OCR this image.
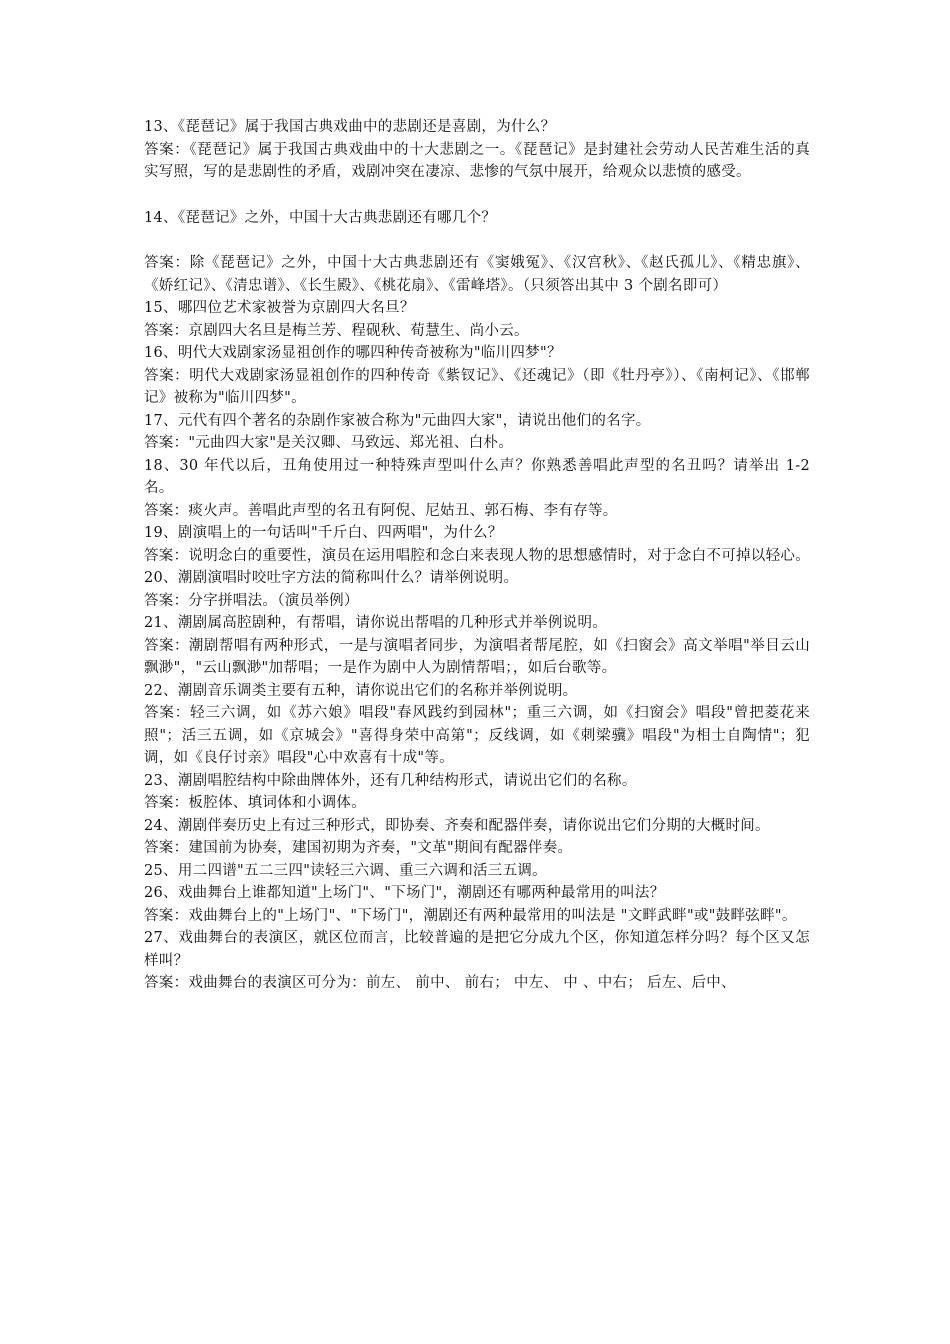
13、《琵琶记》属于我国古典戏曲中的悲剧还是喜剧，为什么？

答案：《琵琶记》属于我国古典戏曲中的十大悲剧之一。《琵琶记》是封建社会劳动人民苦难生活的真实写照，写的是悲剧性的矛盾，戏剧冲突在凄凉、悲惨的气氛中展开，给观众以悲愤的感受。

14、《琵琶记》之外，中国十大古典悲剧还有哪几个？

答案：除《琵琶记》之外，中国十大古典悲剧还有《窦娥冤》、《汉宫秋》、《赵氏孤儿》、《精忠旗》、《娇红记》、《清忠谱》、《长生殿》、《桃花扇》、《雷峰塔》。（只须答出其中 3 个剧名即可）

15、哪四位艺术家被誉为京剧四大名旦？

答案：京剧四大名旦是梅兰芳、程砚秋、荀慧生、尚小云。

16、明代大戏剧家汤显祖创作的哪四种传奇被称为"临川四梦"？

答案：明代大戏剧家汤显祖创作的四种传奇《紫钗记》、《还魂记》（即《牡丹亭》）、《南柯记》、《邯郸记》被称为"临川四梦"。

17、元代有四个著名的杂剧作家被合称为"元曲四大家"，请说出他们的名字。

答案："元曲四大家"是关汉卿、马致远、郑光祖、白朴。

18、30 年代以后，丑角使用过一种特殊声型叫什么声？你熟悉善唱此声型的名丑吗？请举出 1-2 名。

答案：痰火声。善唱此声型的名丑有阿倪、尼姑丑、郭石梅、李有存等。

19、剧演唱上的一句话叫"千斤白、四两唱"，为什么？

答案：说明念白的重要性，演员在运用唱腔和念白来表现人物的思想感情时，对于念白不可掉以轻心。

20、潮剧演唱时咬吐字方法的简称叫什么？请举例说明。

答案：分字拼唱法。（演员举例）

21、潮剧属高腔剧种，有帮唱，请你说出帮唱的几种形式并举例说明。

答案：潮剧帮唱有两种形式，一是与演唱者同步，为演唱者帮尾腔，如《扫窗会》高文举唱"举目云山飘渺"，"云山飘渺"加帮唱；一是作为剧中人为剧情帮唱；，如后台歌等。

22、潮剧音乐调类主要有五种，请你说出它们的名称并举例说明。

答案：轻三六调，如《苏六娘》唱段"春风践约到园林"；重三六调，如《扫窗会》唱段"曾把菱花来照"；活三五调，如《京城会》"喜得身荣中高第"；反线调，如《刺梁骥》唱段"为相士自陶情"；犯调，如《良仔讨亲》唱段"心中欢喜有十成"等。

23、潮剧唱腔结构中除曲牌体外，还有几种结构形式，请说出它们的名称。

答案：板腔体、填词体和小调体。

24、潮剧伴奏历史上有过三种形式，即协奏、齐奏和配器伴奏，请你说出它们分期的大概时间。

答案：建国前为协奏，建国初期为齐奏，"文革"期间有配器伴奏。

25、用二四谱"五二三四"读轻三六调、重三六调和活三五调。

26、戏曲舞台上谁都知道"上场门"、"下场门"，潮剧还有哪两种最常用的叫法？

答案：戏曲舞台上的"上场门"、"下场门"，潮剧还有两种最常用的叫法是 "文畔武畔"或"鼓畔弦畔"。

27、戏曲舞台的表演区，就区位而言，比较普遍的是把它分成九个区，你知道怎样分吗？每个区又怎样叫？

答案：戏曲舞台的表演区可分为：前左、 前中、 前右； 中左、 中 、中右； 后左、后中、
